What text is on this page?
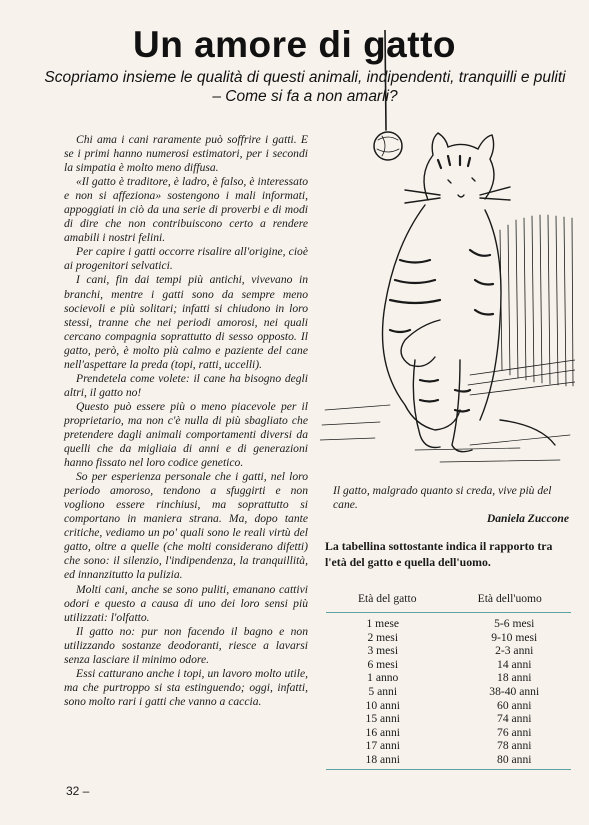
Un amore di gatto
Scopriamo insieme le qualità di questi animali, indipendenti, tranquilli e puliti – Come si fa a non amarli?

Chi ama i cani raramente può soffrire i gatti. E se i primi hanno numerosi estimatori, per i secondi la simpatia è molto meno diffusa.

«Il gatto è traditore, è ladro, è falso, è interessato e non si affeziona» sostengono i mali informati, appoggiati in ciò da una serie di proverbi e di modi di dire che non contribuiscono certo a rendere amabili i nostri felini.

Per capire i gatti occorre risalire all'origine, cioè ai progenitori selvatici.

I cani, fin dai tempi più antichi, vivevano in branchi, mentre i gatti sono da sempre meno socievoli e più solitari; infatti si chiudono in loro stessi, tranne che nei periodi amorosi, nei quali cercano compagnia soprattutto di sesso opposto. Il gatto, però, è molto più calmo e paziente del cane nell'aspettare la preda (topi, ratti, uccelli).

Prendetela come volete: il cane ha bisogno degli altri, il gatto no!

Questo può essere più o meno piacevole per il proprietario, ma non c'è nulla di più sbagliato che pretendere dagli animali comportamenti diversi da quelli che da migliaia di anni e di generazioni hanno fissato nel loro codice genetico.

So per esperienza personale che i gatti, nel loro periodo amoroso, tendono a sfuggirti e non vogliono essere rinchiusi, ma soprattutto si comportano in maniera strana. Ma, dopo tante critiche, vediamo un po' quali sono le reali virtù del gatto, oltre a quelle (che molti considerano difetti) che sono: il silenzio, l'indipendenza, la tranquillità, ed innanzitutto la pulizia.

Molti cani, anche se sono puliti, emanano cattivi odori e questo a causa di uno dei loro sensi più utilizzati: l'olfatto.

Il gatto no: pur non facendo il bagno e non utilizzando sostanze deodoranti, riesce a lavarsi senza lasciare il minimo odore.

Essi catturano anche i topi, un lavoro molto utile, ma che purtroppo si sta estinguendo; oggi, infatti, sono molto rari i gatti che vanno a caccia.

Il gatto, malgrado quanto si creda, vive più del cane.
Daniela Zuccone
La tabellina sottostante indica il rapporto tra l'età del gatto e quella dell'uomo.
Età del gatto	Età dell'uomo
1 mese	5-6 mesi
2 mesi	9-10 mesi
3 mesi	2-3 anni
6 mesi	14 anni
1 anno	18 anni
5 anni	38-40 anni
10 anni	60 anni
15 anni	74 anni
16 anni	76 anni
17 anni	78 anni
18 anni	80 anni
32 –
